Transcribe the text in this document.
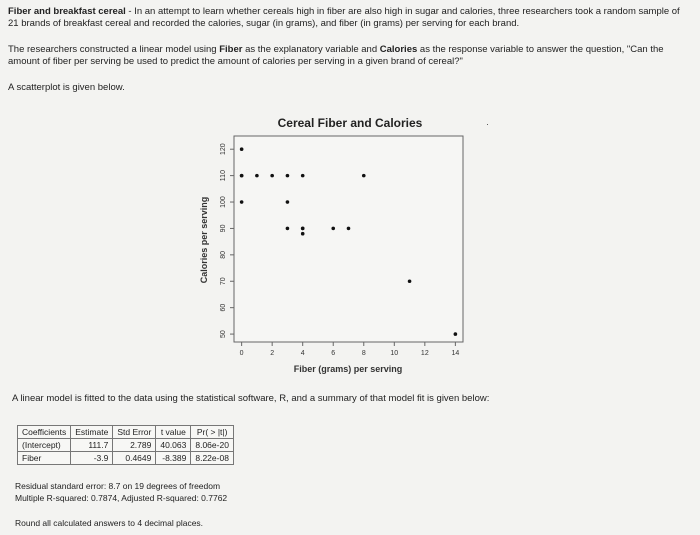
Fiber and breakfast cereal - In an attempt to learn whether cereals high in fiber are also high in sugar and calories, three researchers took a random sample of 21 brands of breakfast cereal and recorded the calories, sugar (in grams), and fiber (in grams) per serving for each brand.
The researchers constructed a linear model using Fiber as the explanatory variable and Calories as the response variable to answer the question, "Can the amount of fiber per serving be used to predict the amount of calories per serving in a given brand of cereal?"
A scatterplot is given below.
Cereal Fiber and Calories
50
60
70
80
90
100
110
120
0	2	4	6	8	10	12	14
Calories per serving
Fiber (grams) per serving
·
A linear model is fitted to the data using the statistical software, R, and a summary of that model fit is given below:
Coefficients	Estimate	Std Error	t value	Pr( > |t|)
(Intercept)	111.7	2.789	40.063	8.06e-20
Fiber	-3.9	0.4649	-8.389	8.22e-08
Residual standard error: 8.7 on 19 degrees of freedom
Multiple R-squared: 0.7874, Adjusted R-squared: 0.7762
Round all calculated answers to 4 decimal places.
